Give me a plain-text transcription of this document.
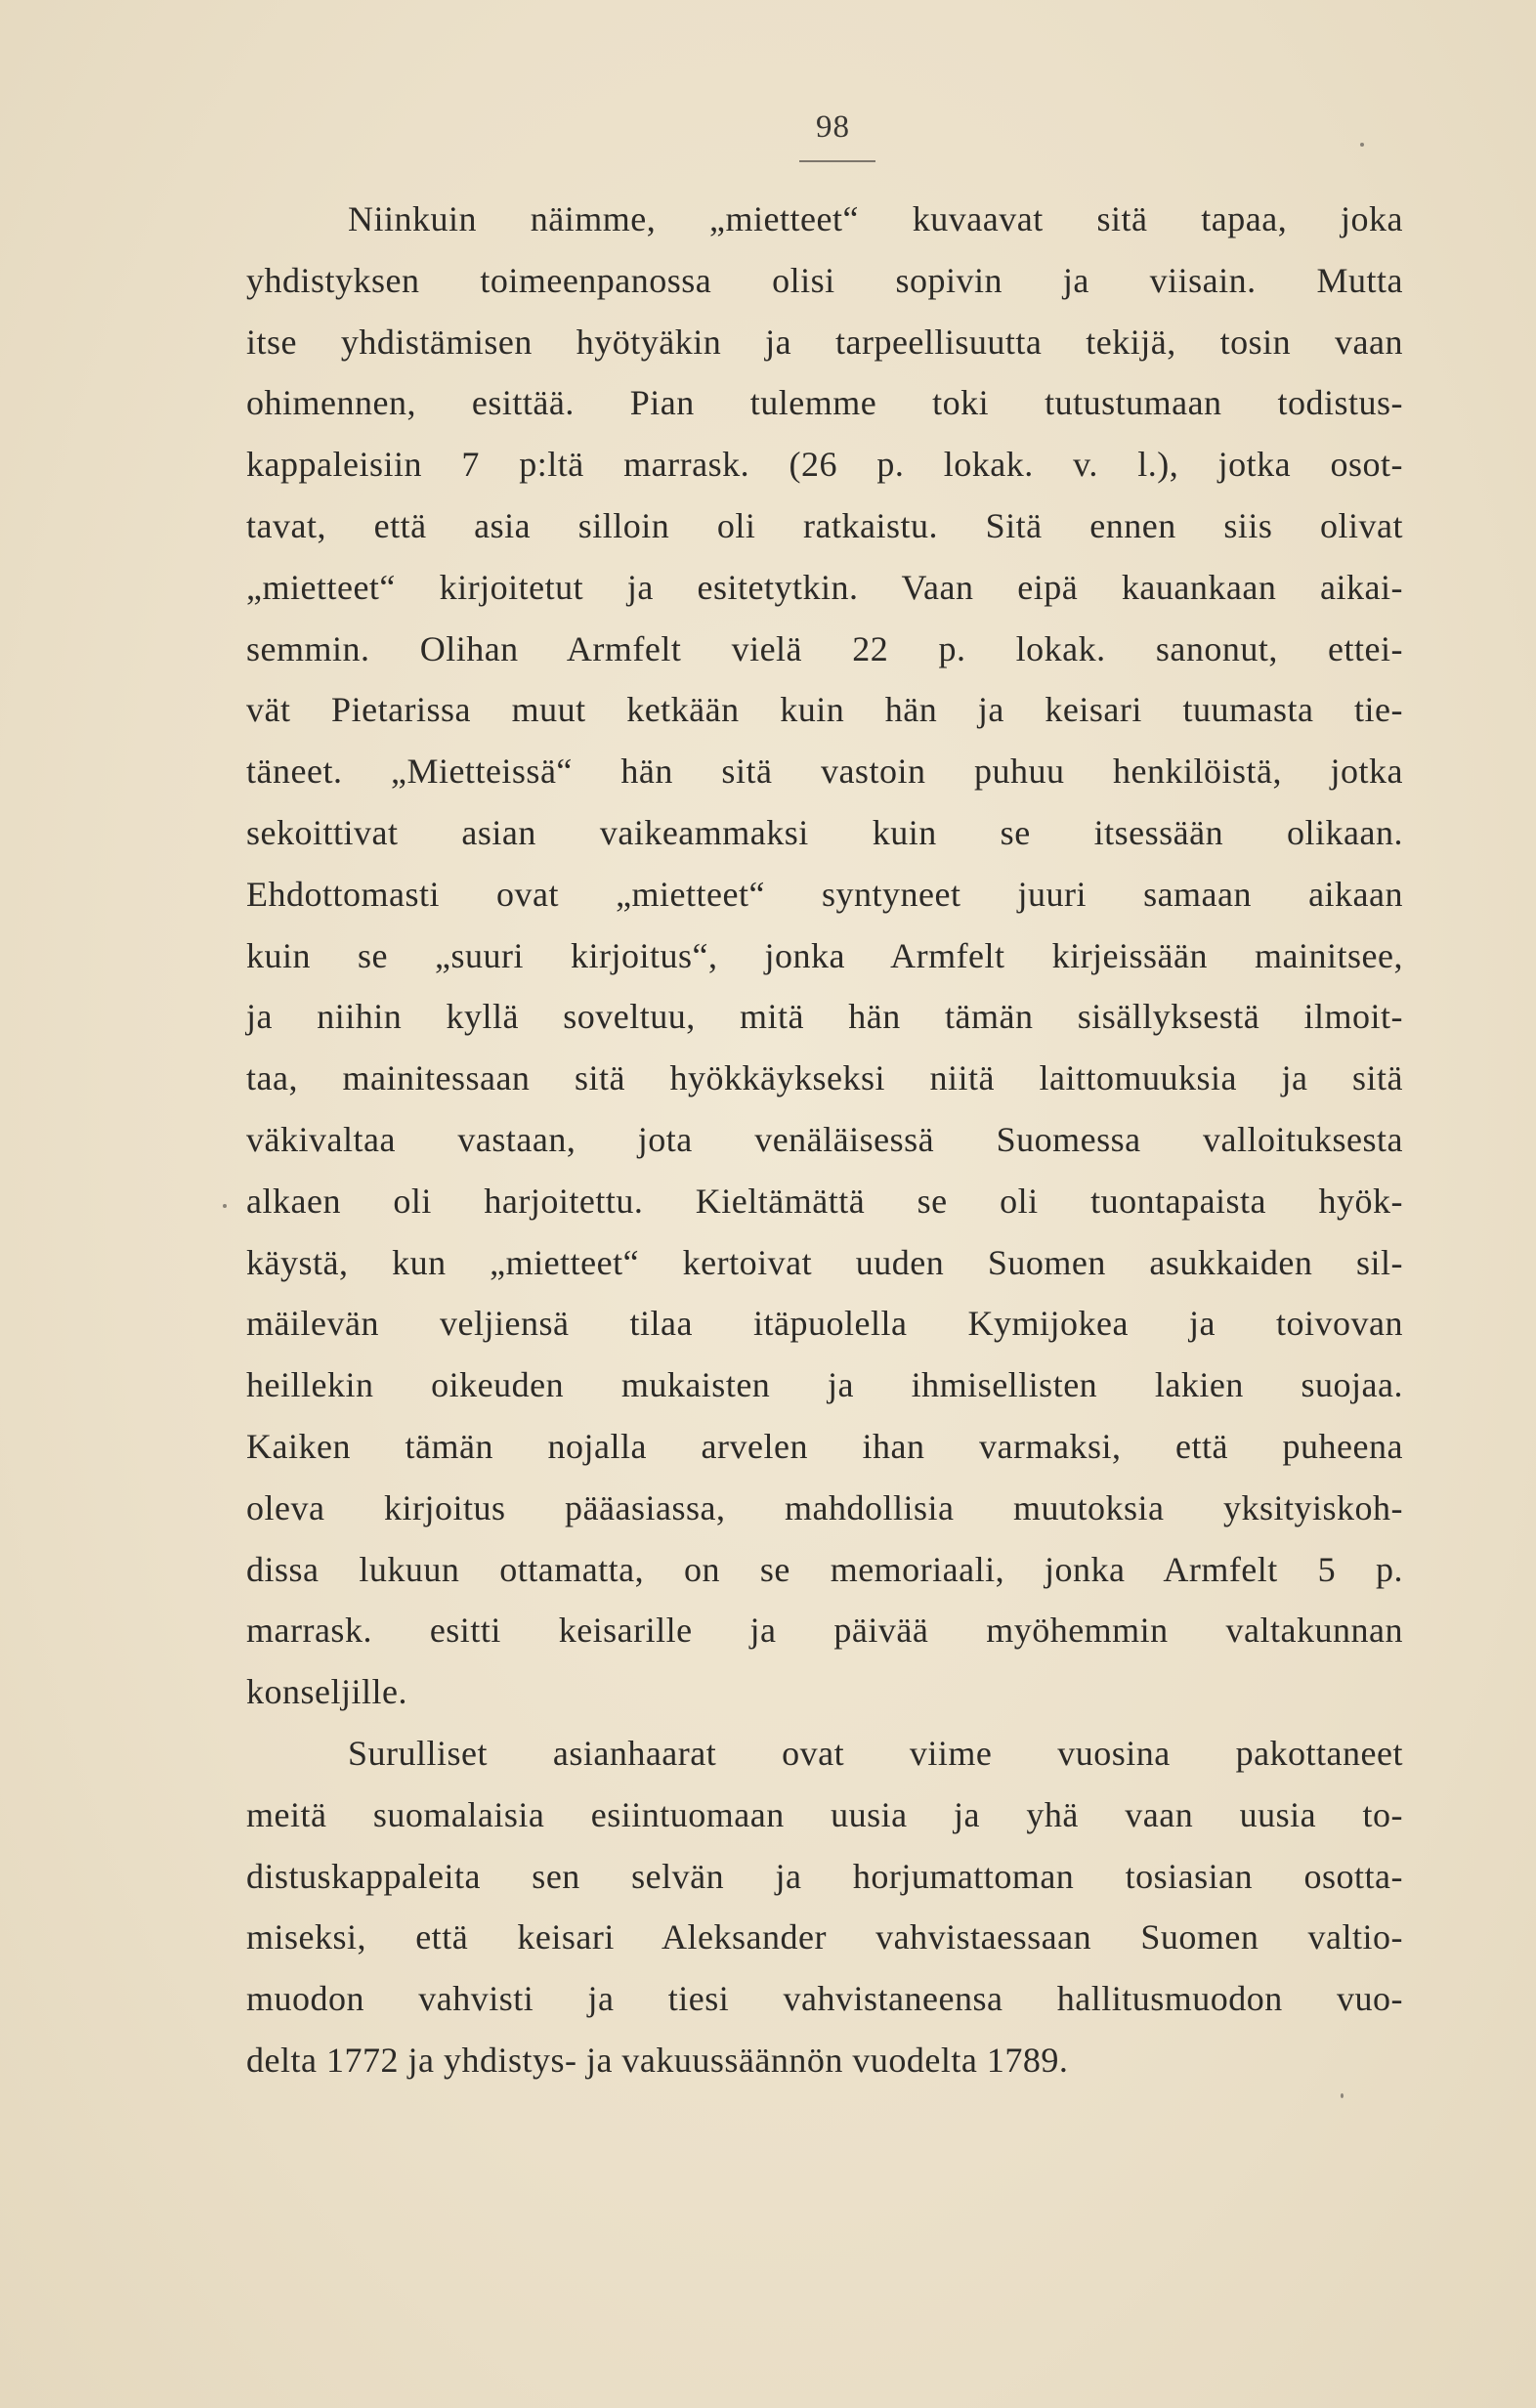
98
Niinkuin näimme, „mietteet“ kuvaavat sitä tapaa, joka
yhdistyksen toimeenpanossa olisi sopivin ja viisain. Mutta
itse yhdistämisen hyötyäkin ja tarpeellisuutta tekijä, tosin vaan
ohimennen, esittää. Pian tulemme toki tutustumaan todistus-
kappaleisiin 7 p:ltä marrask. (26 p. lokak. v. l.), jotka osot-
tavat, että asia silloin oli ratkaistu. Sitä ennen siis olivat
„mietteet“ kirjoitetut ja esitetytkin. Vaan eipä kauankaan aikai-
semmin. Olihan Armfelt vielä 22 p. lokak. sanonut, ettei-
vät Pietarissa muut ketkään kuin hän ja keisari tuumasta tie-
täneet. „Mietteissä“ hän sitä vastoin puhuu henkilöistä, jotka
sekoittivat asian vaikeammaksi kuin se itsessään olikaan.
Ehdottomasti ovat „mietteet“ syntyneet juuri samaan aikaan
kuin se „suuri kirjoitus“, jonka Armfelt kirjeissään mainitsee,
ja niihin kyllä soveltuu, mitä hän tämän sisällyksestä ilmoit-
taa, mainitessaan sitä hyökkäykseksi niitä laittomuuksia ja sitä
väkivaltaa vastaan, jota venäläisessä Suomessa valloituksesta
alkaen oli harjoitettu. Kieltämättä se oli tuontapaista hyök-
käystä, kun „mietteet“ kertoivat uuden Suomen asukkaiden sil-
mäilevän veljiensä tilaa itäpuolella Kymijokea ja toivovan
heillekin oikeuden mukaisten ja ihmisellisten lakien suojaa.
Kaiken tämän nojalla arvelen ihan varmaksi, että puheena
oleva kirjoitus pääasiassa, mahdollisia muutoksia yksityiskoh-
dissa lukuun ottamatta, on se memoriaali, jonka Armfelt 5 p.
marrask. esitti keisarille ja päivää myöhemmin valtakunnan
konseljille.
Surulliset asianhaarat ovat viime vuosina pakottaneet
meitä suomalaisia esiintuomaan uusia ja yhä vaan uusia to-
distuskappaleita sen selvän ja horjumattoman tosiasian osotta-
miseksi, että keisari Aleksander vahvistaessaan Suomen valtio-
muodon vahvisti ja tiesi vahvistaneensa hallitusmuodon vuo-
delta 1772 ja yhdistys- ja vakuussäännön vuodelta 1789.
